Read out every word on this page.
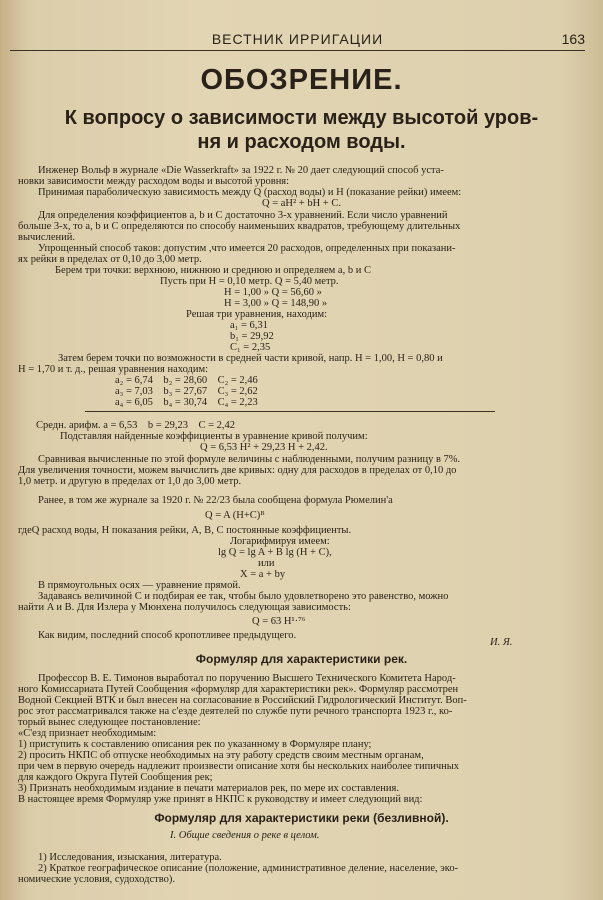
ВЕСТНИК ИРРИГАЦИИ	163
ОБОЗРЕНИЕ.
К вопросу о зависимости между высотой уров-
ня и расходом воды.
Инженер Вольф в журнале «Die Wasserkraft» за 1922 г. № 20 дает следующий способ уста-
новки зависимости между расходом воды и высотой уровня:
Принимая параболическую зависимость между Q (расход воды) и H (показание рейки) имеем:
Q = aH² + bH + C.
Для определения коэффициентов a, b и C достаточно 3-х уравнений. Если число уравнений
больше 3-х, то a, b и C определяются по способу наименьших квадратов, требующему длительных
вычислений.
Упрощенный способ таков: допустим ,что имеется 20 расходов, определенных при показани-
ях рейки в пределах от 0,10 до 3,00 метр.
Берем три точки: верхнюю, нижнюю и среднюю и определяем a, b и C
Пусть при H = 0,10 метр. Q = 5,40 метр.
H = 1,00 » Q = 56,60 »
H = 3,00 » Q = 148,90 »
Решая три уравнения, находим:
a₁ = 6,31
b₁ = 29,92
C₁ = 2,35
Затем берем точки по возможности в средней части кривой, напр. H = 1,00, H = 0,80 и
H = 1,70 и т. д., решая уравнения находим:
a₂ = 6,74    b₂ = 28,60    C₂ = 2,46
a₃ = 7,03    b₃ = 27,67    C₃ = 2,62
a₄ = 6,05    b₄ = 30,74    C₄ = 2,23
Средн. арифм. a = 6,53    b = 29,23    C = 2,42
Подставляя найденные коэффициенты в уравнение кривой получим:
Q = 6,53 H² + 29,23 H + 2,42.
Сравнивая вычисленные по этой формуле величины с наблюденными, получим разницу в 7%.
Для увеличения точности, можем вычислить две кривых: одну для расходов в пределах от 0,10 до
1,0 метр. и другую в пределах от 1,0 до 3,00 метр.
Ранее, в том же журнале за 1920 г. № 22/23 была сообщена формула Рюмелин'а
Q = A (H+C)ᴮ
гдеQ расход воды, H показания рейки, A, B, C постоянные коэффициенты.
Логарифмируя имеем:
lg Q = lg A + B lg (H + C),
или
X = a + by
В прямоугольных осях — уравнение прямой.
Задаваясь величиной C и подбирая ее так, чтобы было удовлетворено это равенство, можно
найти A и B. Для Излера у Мюнхена получилось следующая зависимость:
Q = 63 H¹·⁷⁶
Как видим, последний способ кропотливее предыдущего.
И. Я.
Формуляр для характеристики рек.
Профессор В. Е. Тимонов выработал по поручению Высшего Технического Комитета Народ-
ного Комиссариата Путей Сообщения «формуляр для характеристики рек». Формуляр рассмотрен
Водной Секцией ВТК и был внесен на согласование в Российский Гидрологический Институт. Воп-
рос этот рассматривался также на с'езде деятелей по службе пути речного транспорта 1923 г., ко-
торый вынес следующее постановление:
«С'езд признает необходимым:
1) приступить к составлению описания рек по указанному в Формуляре плану;
2) просить НКПС об отпуске необходимых на эту работу средств своим местным органам,
при чем в первую очередь надлежит произвести описание хотя бы нескольких наиболее типичных
для каждого Округа Путей Сообщения рек;
3) Признать необходимым издание в печати материалов рек, по мере их составления.
В настоящее время Формуляр уже принят в НКПС к руководству и имеет следующий вид:
Формуляр для характеристики реки (безливной).
I. Общие сведения о реке в целом.
1) Исследования, изыскания, литература.
2) Краткое географическое описание (положение, административное деление, население, эко-
номические условия, судоходство).
